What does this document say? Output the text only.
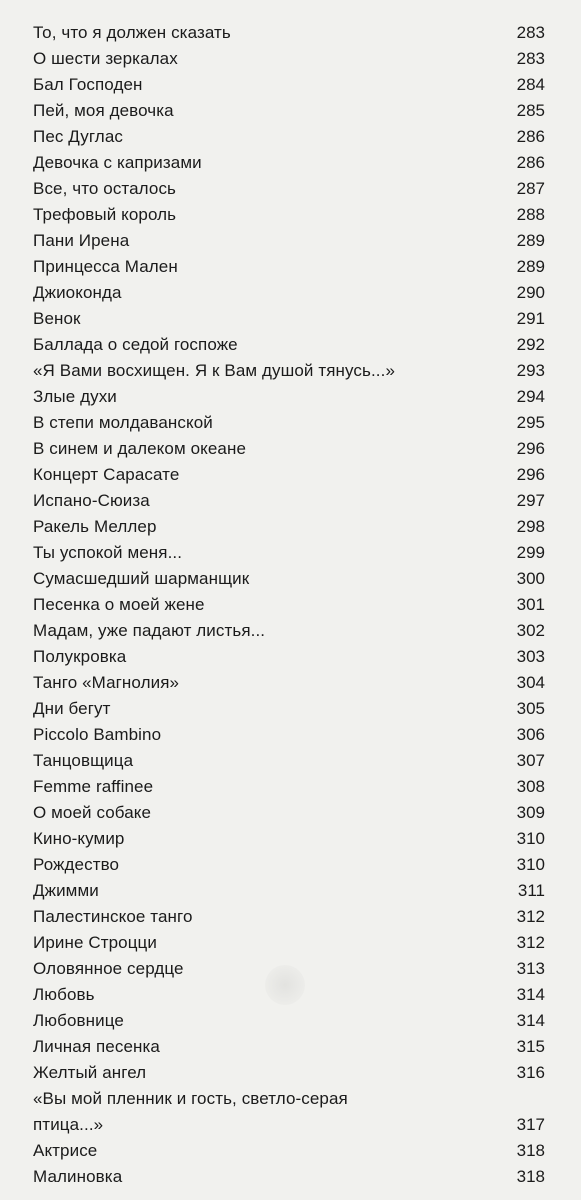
То, что я должен сказать	283
О шести зеркалах	283
Бал Господен	284
Пей, моя девочка	285
Пес Дуглас	286
Девочка с капризами	286
Все, что осталось	287
Трефовый король	288
Пани Ирена	289
Принцесса Мален	289
Джиоконда	290
Венок	291
Баллада о седой госпоже	292
«Я Вами восхищен. Я к Вам душой тянусь...»	293
Злые духи	294
В степи молдаванской	295
В синем и далеком океане	296
Концерт Сарасате	296
Испано-Сюиза	297
Ракель Меллер	298
Ты успокой меня...	299
Сумасшедший шарманщик	300
Песенка о моей жене	301
Мадам, уже падают листья...	302
Полукровка	303
Танго «Магнолия»	304
Дни бегут	305
Piccolo Bambino	306
Танцовщица	307
Femme raffinee	308
О моей собаке	309
Кино-кумир	310
Рождество	310
Джимми	311
Палестинское танго	312
Ирине Строцци	312
Оловянное сердце	313
Любовь	314
Любовнице	314
Личная песенка	315
Желтый ангел	316
«Вы мой пленник и гость, светло-серая
птица...»	317
Актрисе	318
Малиновка	318
